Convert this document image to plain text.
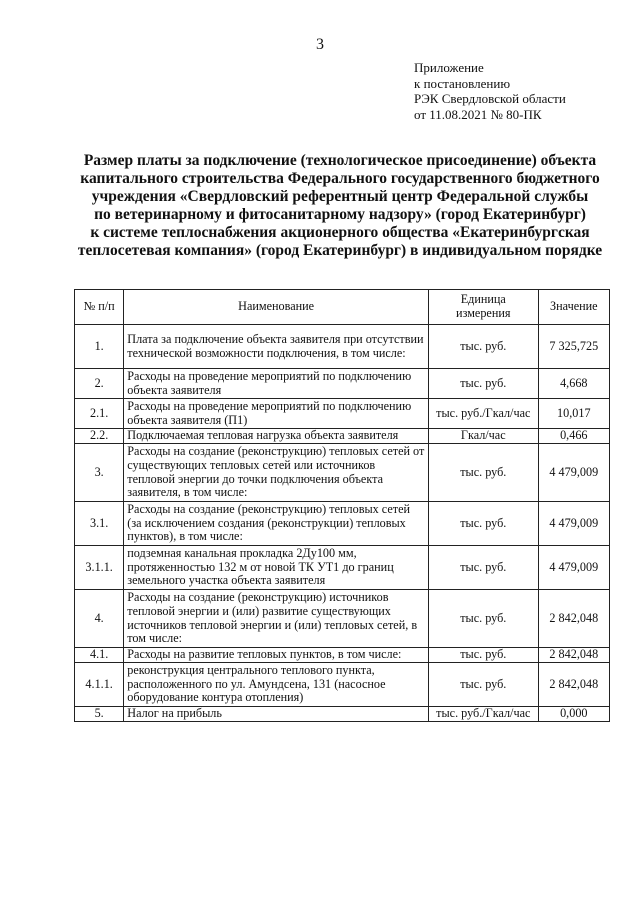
3
Приложение
к постановлению
РЭК Свердловской области
от 11.08.2021 № 80-ПК
Размер платы за подключение (технологическое присоединение) объекта
капитального строительства Федерального государственного бюджетного
учреждения «Свердловский референтный центр Федеральной службы
по ветеринарному и фитосанитарному надзору» (город Екатеринбург)
к системе теплоснабжения акционерного общества «Екатеринбургская
теплосетевая компания» (город Екатеринбург) в индивидуальном порядке
№ п/п	Наименование	Единица измерения	Значение
1.	Плата за подключение объекта заявителя при отсутствии технической возможности подключения, в том числе:	тыс. руб.	7 325,725
2.	Расходы на проведение мероприятий по подключению объекта заявителя	тыс. руб.	4,668
2.1.	Расходы на проведение мероприятий по подключению объекта заявителя (П1)	тыс. руб./Гкал/час	10,017
2.2.	Подключаемая тепловая нагрузка объекта заявителя	Гкал/час	0,466
3.	Расходы на создание (реконструкцию) тепловых сетей от существующих тепловых сетей или источников тепловой энергии до точки подключения объекта заявителя, в том числе:	тыс. руб.	4 479,009
3.1.	Расходы на создание (реконструкцию) тепловых сетей (за исключением создания (реконструкции) тепловых пунктов), в том числе:	тыс. руб.	4 479,009
3.1.1.	подземная канальная прокладка 2Ду100 мм, протяженностью 132 м от новой ТК УТ1 до границ земельного участка объекта заявителя	тыс. руб.	4 479,009
4.	Расходы на создание (реконструкцию) источников тепловой энергии и (или) развитие существующих источников тепловой энергии и (или) тепловых сетей, в том числе:	тыс. руб.	2 842,048
4.1.	Расходы на развитие тепловых пунктов, в том числе:	тыс. руб.	2 842,048
4.1.1.	реконструкция центрального теплового пункта, расположенного по ул. Амундсена, 131 (насосное оборудование контура отопления)	тыс. руб.	2 842,048
5.	Налог на прибыль	тыс. руб./Гкал/час	0,000
